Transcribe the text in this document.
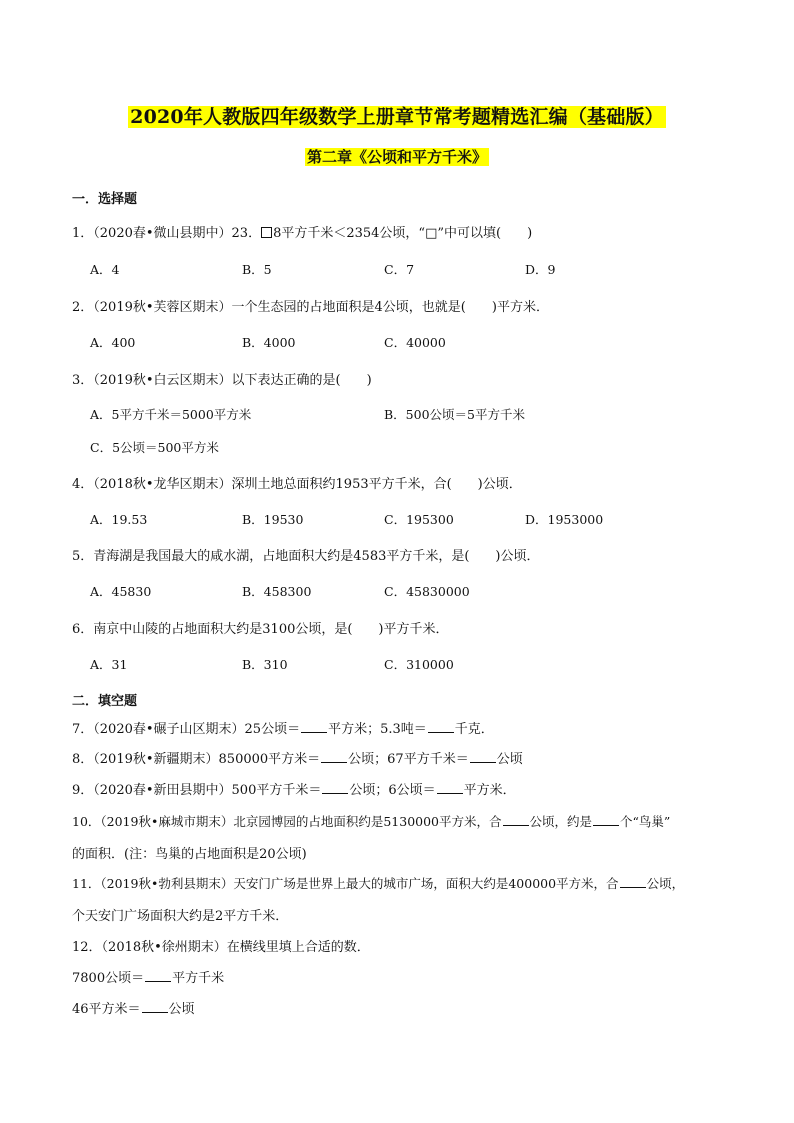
2020年人教版四年级数学上册章节常考题精选汇编（基础版）
第二章《公顷和平方千米》
一．选择题
1．（2020春•微山县期中）23． 8平方千米＜2354公顷，“□”中可以填(　　)
A．4	B．5	C．7	D．9
2．（2019秋•芙蓉区期末）一个生态园的占地面积是4公顷，也就是(　　)平方米．
A．400	B．4000	C．40000
3．（2019秋•白云区期末）以下表达正确的是(　　)
A．5平方千米＝5000平方米	B．500公顷＝5平方千米
C．5公顷＝500平方米
4．（2018秋•龙华区期末）深圳土地总面积约1953平方千米，合(　　)公顷．
A．19.53	B．19530	C．195300	D．1953000
5．青海湖是我国最大的咸水湖，占地面积大约是4583平方千米，是(　　)公顷．
A．45830	B．458300	C．45830000
6．南京中山陵的占地面积大约是3100公顷，是(　　)平方千米．
A．31	B．310	C．310000
二．填空题
7．（2020春•碾子山区期末）25公顷＝ 平方米；5.3吨＝ 千克．
8．（2019秋•新疆期末）850000平方米＝ 公顷；67平方千米＝ 公顷
9．（2020春•新田县期中）500平方千米＝ 公顷；6公顷＝ 平方米．
10．（2019秋•麻城市期末）北京园博园的占地面积约是5130000平方米，合 公顷，约是 个“鸟巢”
的面积．(注：鸟巢的占地面积是20公顷)
11．（2019秋•勃利县期末）天安门广场是世界上最大的城市广场，面积大约是400000平方米，合 公顷，
个天安门广场面积大约是2平方千米．
12．（2018秋•徐州期末）在横线里填上合适的数．
7800公顷＝ 平方千米
46平方米＝ 公顷
